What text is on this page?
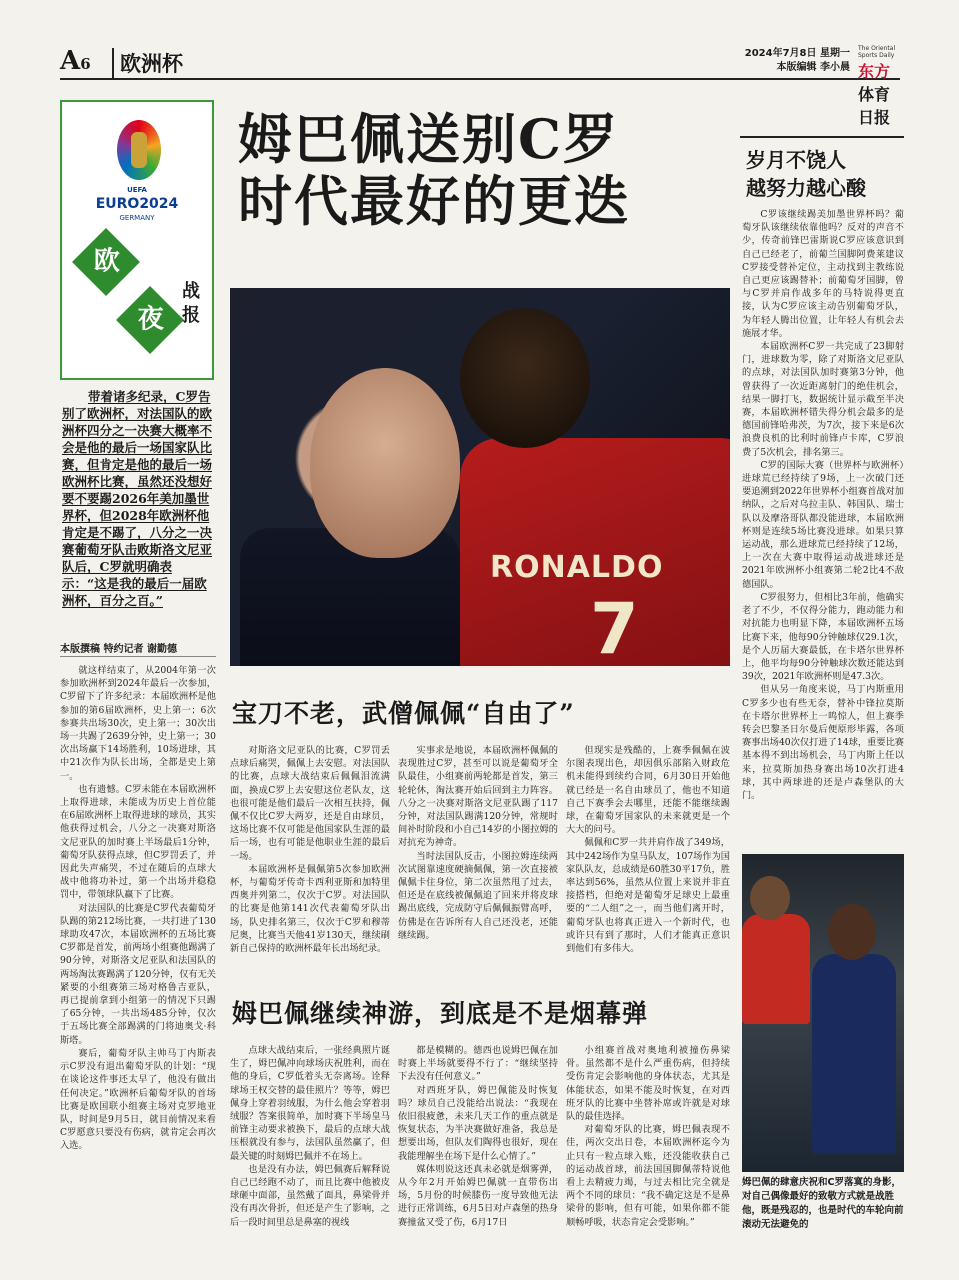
A6	欧洲杯	2024年7月8日 星期一
本版编辑 李小晨
The Oriental Sports Daily
东方体育日报
UEFA
EURO2024
GERMANY
欧
夜
战报
带着诸多纪录，C罗告别了欧洲杯，对法国队的欧洲杯四分之一决赛大概率不会是他的最后一场国家队比赛，但肯定是他的最后一场欧洲杯比赛，虽然还没想好要不要踢2026年美加墨世界杯，但2028年欧洲杯他肯定是不踢了，八分之一决赛葡萄牙队击败斯洛文尼亚队后，C罗就明确表示：“这是我的最后一届欧洲杯，百分之百。”
本版撰稿 特约记者 谢勤德

就这样结束了，从2004年第一次参加欧洲杯到2024年最后一次参加，C罗留下了许多纪录：本届欧洲杯是他参加的第6届欧洲杯，史上第一；6次参赛共出场30次，史上第一；30次出场一共踢了2639分钟，史上第一；30次出场赢下14场胜利，10场进球，其中21次作为队长出场，全都是史上第一。

也有遗憾。C罗未能在本届欧洲杯上取得进球，未能成为历史上首位能在6届欧洲杯上取得进球的球员，其实他获得过机会，八分之一决赛对斯洛文尼亚队的加时赛上半场最后1分钟，葡萄牙队获得点球，但C罗罚丢了，并因此失声痛哭，不过在随后的点球大战中他将功补过，第一个出场并稳稳罚中，带领球队赢下了比赛。

对法国队的比赛是C罗代表葡萄牙队踢的第212场比赛，一共打进了130球助攻47次，本届欧洲杯的五场比赛C罗都是首发，前两场小组赛他踢满了90分钟，对斯洛文尼亚队和法国队的两场淘汰赛踢满了120分钟，仅有无关紧要的小组赛第三场对格鲁吉亚队，再已提前拿到小组第一的情况下只踢了65分钟，一共出场485分钟，仅次于五场比赛全部踢满的门将迪奥戈·科斯塔。

赛后，葡萄牙队主帅马丁内斯表示C罗没有退出葡萄牙队的计划：“现在谈论这件事还太早了，他没有做出任何决定。”欧洲杯后葡萄牙队的首场比赛是欧国联小组赛主场对克罗地亚队，时间是9月5日，就目前情况来看C罗愿意只要没有伤病，就肯定会再次入选。

姆巴佩送别C罗
时代最好的更迭
RONALDO
7
宝刀不老，武僧佩佩“自由了”

对斯洛文尼亚队的比赛，C罗罚丢点球后痛哭，佩佩上去安慰。对法国队的比赛，点球大战结束后佩佩泪流满面，换成C罗上去安慰这位老队友，这也很可能是他们最后一次相互扶持，佩佩不仅比C罗大两岁，还是自由球员，这场比赛不仅可能是他国家队生涯的最后一场，也有可能是他职业生涯的最后一场。

本届欧洲杯是佩佩第5次参加欧洲杯，与葡萄牙传奇卡西利亚斯和加特里西奥并列第二，仅次于C罗。对法国队的比赛是他第141次代表葡萄牙队出场，队史排名第三，仅次于C罗和穆蒂尼奥，比赛当天他41岁130天，继续刷新自己保持的欧洲杯最年长出场纪录。

实事求是地说，本届欧洲杯佩佩的表现胜过C罗，甚至可以说是葡萄牙全队最佳，小组赛前两轮都是首发，第三轮轮休，淘汰赛开始后回到主力阵容。八分之一决赛对斯洛文尼亚队踢了117分钟，对法国队踢满120分钟，常规时间补时阶段和小自己14岁的小图拉姆的对抗充为神奇。

当时法国队反击，小图拉姆连续两次试图靠速度硬摘佩佩，第一次直接被佩佩卡住身位，第二次虽然甩了过去，但还是在底线被佩佩追了回来并将皮球踢出底线，完成防守后佩佩振臂高呼，仿佛是在告诉所有人自己还没老，还能继续踢。

但现实是残酷的，上赛季佩佩在波尔图表现出色，却因俱乐部陷入财政危机未能得到续约合同，6月30日开始他就已经是一名自由球员了，他也不知道自己下赛季会去哪里，还能不能继续踢球，在葡萄牙国家队的未来就更是一个大大的问号。

佩佩和C罗一共并肩作战了349场，其中242场作为皇马队友，107场作为国家队队友，总成绩是60胜30平17负，胜率达到56%，虽然从位置上来说并非直接搭档，但绝对是葡萄牙足球史上最重要的“二人组”之一，而当他们离开时，葡萄牙队也将真正进入一个新时代，也或许只有到了那时，人们才能真正意识到他们有多伟大。

姆巴佩继续神游，到底是不是烟幕弹

点球大战结束后，一张经典照片诞生了，姆巴佩冲向球场庆祝胜利，而在他的身后，C罗低着头无奈离场。诠释球场王权交替的最佳照片？等等，姆巴佩身上穿着羽绒服，为什么他会穿着羽绒服？答案很简单，加时赛下半场皇马前锋主动要求被换下，最后的点球大战压根就没有参与，法国队虽然赢了，但最关键的时刻姆巴佩并不在场上。

也是没有办法，姆巴佩赛后解释说自己已经跑不动了，而且比赛中他被皮球砸中面部，虽然戴了面具，鼻梁骨并没有再次骨折，但还是产生了影响，之后一段时间里总是鼻塞的视线

都是模糊的。德西也说姆巴佩在加时赛上半场就要得不行了：“继续坚持下去没有任何意义。”

对西班牙队，姆巴佩能及时恢复吗？球员自己没能给出说法：“我现在依旧很疲惫，未来几天工作的重点就是恢复状态，为半决赛做好准备，我总是想要出场，但队友们陶得也很好，现在我能理解坐在场下是什么心情了。”

媒体则说这还真未必就是烟雾弹，从今年2月开始姆巴佩就一直带伤出场，5月份的时候膝伤一度导致他无法进行正常训练，6月5日对卢森堡的热身赛撞盆又受了伤，6月17日

小组赛首战对奥地利被撞伤鼻梁骨。虽然都不是什么严重伤病，但持续受伤肯定会影响他的身体状态，尤其是体能状态，如果不能及时恢复，在对西班牙队的比赛中坐替补席或许就是对球队的最佳选择。

对葡萄牙队的比赛，姆巴佩表现不佳，两次交出日卷，本届欧洲杯迄今为止只有一粒点球入账，还没能收获自己的运动战首球，前法国国脚佩蒂特说他看上去精疲力竭，与过去相比完全就是两个不同的球员：“我不确定这是不是鼻梁骨的影响，但有可能，如果你都不能顺畅呼吸，状态肯定会受影响。”

岁月不饶人
越努力越心酸

C罗该继续踢美加墨世界杯吗？葡萄牙队该继续依靠他吗？反对的声音不少，传奇前锋巴雷斯说C罗应该意识到自己已经老了，前葡兰国脚阿费莱建议C罗接受替补定位，主动找到主教练说自己更应该踢替补；前葡萄牙国脚，曾与C罗并肩作战多年的马特说得更直接，认为C罗应该主动告别葡萄牙队，为年轻人腾出位置，让年轻人有机会去施展才华。

本届欧洲杯C罗一共完成了23脚射门，进球数为零，除了对斯洛文尼亚队的点球，对法国队加时赛第3分钟，他曾获得了一次近距离射门的绝佳机会，结果一脚打飞，数据统计显示截至半决赛，本届欧洲杯错失得分机会最多的是德国前锋哈弗茨，为7次，接下来是6次浪费良机的比利时前锋卢卡库，C罗浪费了5次机会，排名第三。

C罗的国际大赛（世界杯与欧洲杯）进球荒已经持续了9场，上一次破门还要追溯到2022年世界杯小组赛首战对加纳队，之后对乌拉圭队、韩国队、瑞士队以及摩洛哥队都没能进球，本届欧洲杯则是连续5场比赛没进球。如果只算运动战，那么进球荒已经持续了12场，上一次在大赛中取得运动战进球还是2021年欧洲杯小组赛第二轮2比4不敌德国队。

C罗很努力，但相比3年前，他确实老了不少，不仅得分能力，跑动能力和对抗能力也明显下降，本届欧洲杯五场比赛下来，他每90分钟触球仅29.1次，是个人历届大赛最低，在卡塔尔世界杯上，他平均每90分钟触球次数还能达到39次，2021年欧洲杯则是47.3次。

但从另一角度来说，马丁内斯重用C罗多少也有些无奈，替补中锋拉莫斯在卡塔尔世界杯上一鸣惊人，但上赛季转会巴黎圣日尔曼后便原形毕露，各项赛事出场40次仅打进了14球，重要比赛基本得不到出场机会，马丁内斯上任以来，拉莫斯加热身赛出场10次打进4球，其中两球进的还是卢森堡队的大门。

姆巴佩的肆意庆祝和C罗落寞的身影，对自己偶像最好的致敬方式就是战胜他，既是残忍的，也是时代的车轮向前滚动无法避免的
